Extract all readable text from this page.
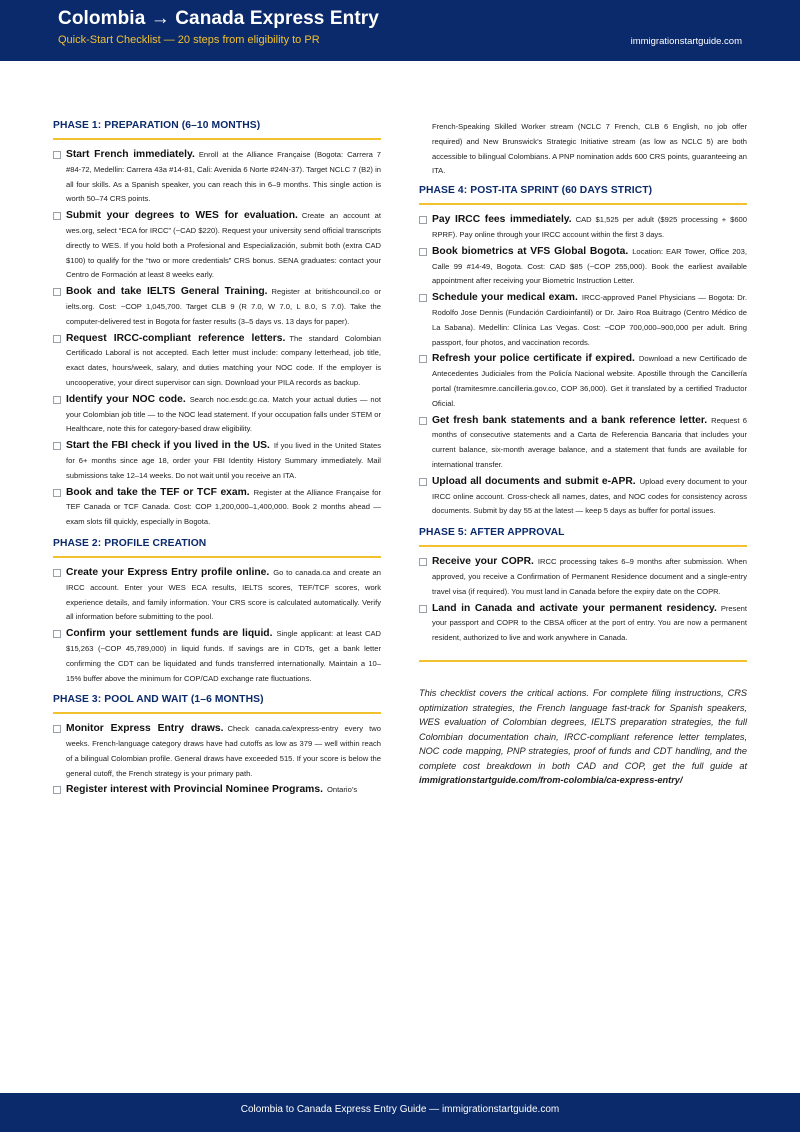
Colombia → Canada Express Entry
Quick-Start Checklist — 20 steps from eligibility to PR	immigrationstartguide.com
PHASE 1: PREPARATION (6–10 MONTHS)
Start French immediately. Enroll at the Alliance Française (Bogota: Carrera 7 #84-72, Medellin: Carrera 43a #14-81, Cali: Avenida 6 Norte #24N-37). Target NCLC 7 (B2) in all four skills. As a Spanish speaker, you can reach this in 6–9 months. This single action is worth 50–74 CRS points.
Submit your degrees to WES for evaluation. Create an account at wes.org, select “ECA for IRCC” (~CAD $220). Request your university send official transcripts directly to WES. If you hold both a Profesional and Especialización, submit both (extra CAD $100) to qualify for the “two or more credentials” CRS bonus. SENA graduates: contact your Centro de Formación at least 8 weeks early.
Book and take IELTS General Training. Register at britishcouncil.co or ielts.org. Cost: ~COP 1,045,700. Target CLB 9 (R 7.0, W 7.0, L 8.0, S 7.0). Take the computer-delivered test in Bogota for faster results (3–5 days vs. 13 days for paper).
Request IRCC-compliant reference letters. The standard Colombian Certificado Laboral is not accepted. Each letter must include: company letterhead, job title, exact dates, hours/week, salary, and duties matching your NOC code. If the employer is uncooperative, your direct supervisor can sign. Download your PILA records as backup.
Identify your NOC code. Search noc.esdc.gc.ca. Match your actual duties — not your Colombian job title — to the NOC lead statement. If your occupation falls under STEM or Healthcare, note this for category-based draw eligibility.
Start the FBI check if you lived in the US. If you lived in the United States for 6+ months since age 18, order your FBI Identity History Summary immediately. Mail submissions take 12–14 weeks. Do not wait until you receive an ITA.
Book and take the TEF or TCF exam. Register at the Alliance Française for TEF Canada or TCF Canada. Cost: COP 1,200,000–1,400,000. Book 2 months ahead — exam slots fill quickly, especially in Bogota.
PHASE 2: PROFILE CREATION
Create your Express Entry profile online. Go to canada.ca and create an IRCC account. Enter your WES ECA results, IELTS scores, TEF/TCF scores, work experience details, and family information. Your CRS score is calculated automatically. Verify all information before submitting to the pool.
Confirm your settlement funds are liquid. Single applicant: at least CAD $15,263 (~COP 45,789,000) in liquid funds. If savings are in CDTs, get a bank letter confirming the CDT can be liquidated and funds transferred internationally. Maintain a 10–15% buffer above the minimum for COP/CAD exchange rate fluctuations.
PHASE 3: POOL AND WAIT (1–6 MONTHS)
Monitor Express Entry draws. Check canada.ca/express-entry every two weeks. French-language category draws have had cutoffs as low as 379 — well within reach of a bilingual Colombian profile. General draws have exceeded 515. If your score is below the general cutoff, the French strategy is your primary path.
Register interest with Provincial Nominee Programs. Ontario’s
French-Speaking Skilled Worker stream (NCLC 7 French, CLB 6 English, no job offer required) and New Brunswick’s Strategic Initiative stream (as low as NCLC 5) are both accessible to bilingual Colombians. A PNP nomination adds 600 CRS points, guaranteeing an ITA.
PHASE 4: POST-ITA SPRINT (60 DAYS STRICT)
Pay IRCC fees immediately. CAD $1,525 per adult ($925 processing + $600 RPRF). Pay online through your IRCC account within the first 3 days.
Book biometrics at VFS Global Bogota. Location: EAR Tower, Office 203, Calle 99 #14-49, Bogota. Cost: CAD $85 (~COP 255,000). Book the earliest available appointment after receiving your Biometric Instruction Letter.
Schedule your medical exam. IRCC-approved Panel Physicians — Bogota: Dr. Rodolfo Jose Dennis (Fundación Cardioinfantil) or Dr. Jairo Roa Buitrago (Centro Médico de La Sabana). Medellin: Clínica Las Vegas. Cost: ~COP 700,000–900,000 per adult. Bring passport, four photos, and vaccination records.
Refresh your police certificate if expired. Download a new Certificado de Antecedentes Judiciales from the Policía Nacional website. Apostille through the Cancillería portal (tramitesmre.cancilleria.gov.co, COP 36,000). Get it translated by a certified Traductor Oficial.
Get fresh bank statements and a bank reference letter. Request 6 months of consecutive statements and a Carta de Referencia Bancaria that includes your current balance, six-month average balance, and a statement that funds are available for international transfer.
Upload all documents and submit e-APR. Upload every document to your IRCC online account. Cross-check all names, dates, and NOC codes for consistency across documents. Submit by day 55 at the latest — keep 5 days as buffer for portal issues.
PHASE 5: AFTER APPROVAL
Receive your COPR. IRCC processing takes 6–9 months after submission. When approved, you receive a Confirmation of Permanent Residence document and a single-entry travel visa (if required). You must land in Canada before the expiry date on the COPR.
Land in Canada and activate your permanent residency. Present your passport and COPR to the CBSA officer at the port of entry. You are now a permanent resident, authorized to live and work anywhere in Canada.
This checklist covers the critical actions. For complete filing instructions, CRS optimization strategies, the French language fast-track for Spanish speakers, WES evaluation of Colombian degrees, IELTS preparation strategies, the full Colombian documentation chain, IRCC-compliant reference letter templates, NOC code mapping, PNP strategies, proof of funds and CDT handling, and the complete cost breakdown in both CAD and COP, get the full guide at immigrationstartguide.com/from-colombia/ca-express-entry/
Colombia to Canada Express Entry Guide — immigrationstartguide.com
